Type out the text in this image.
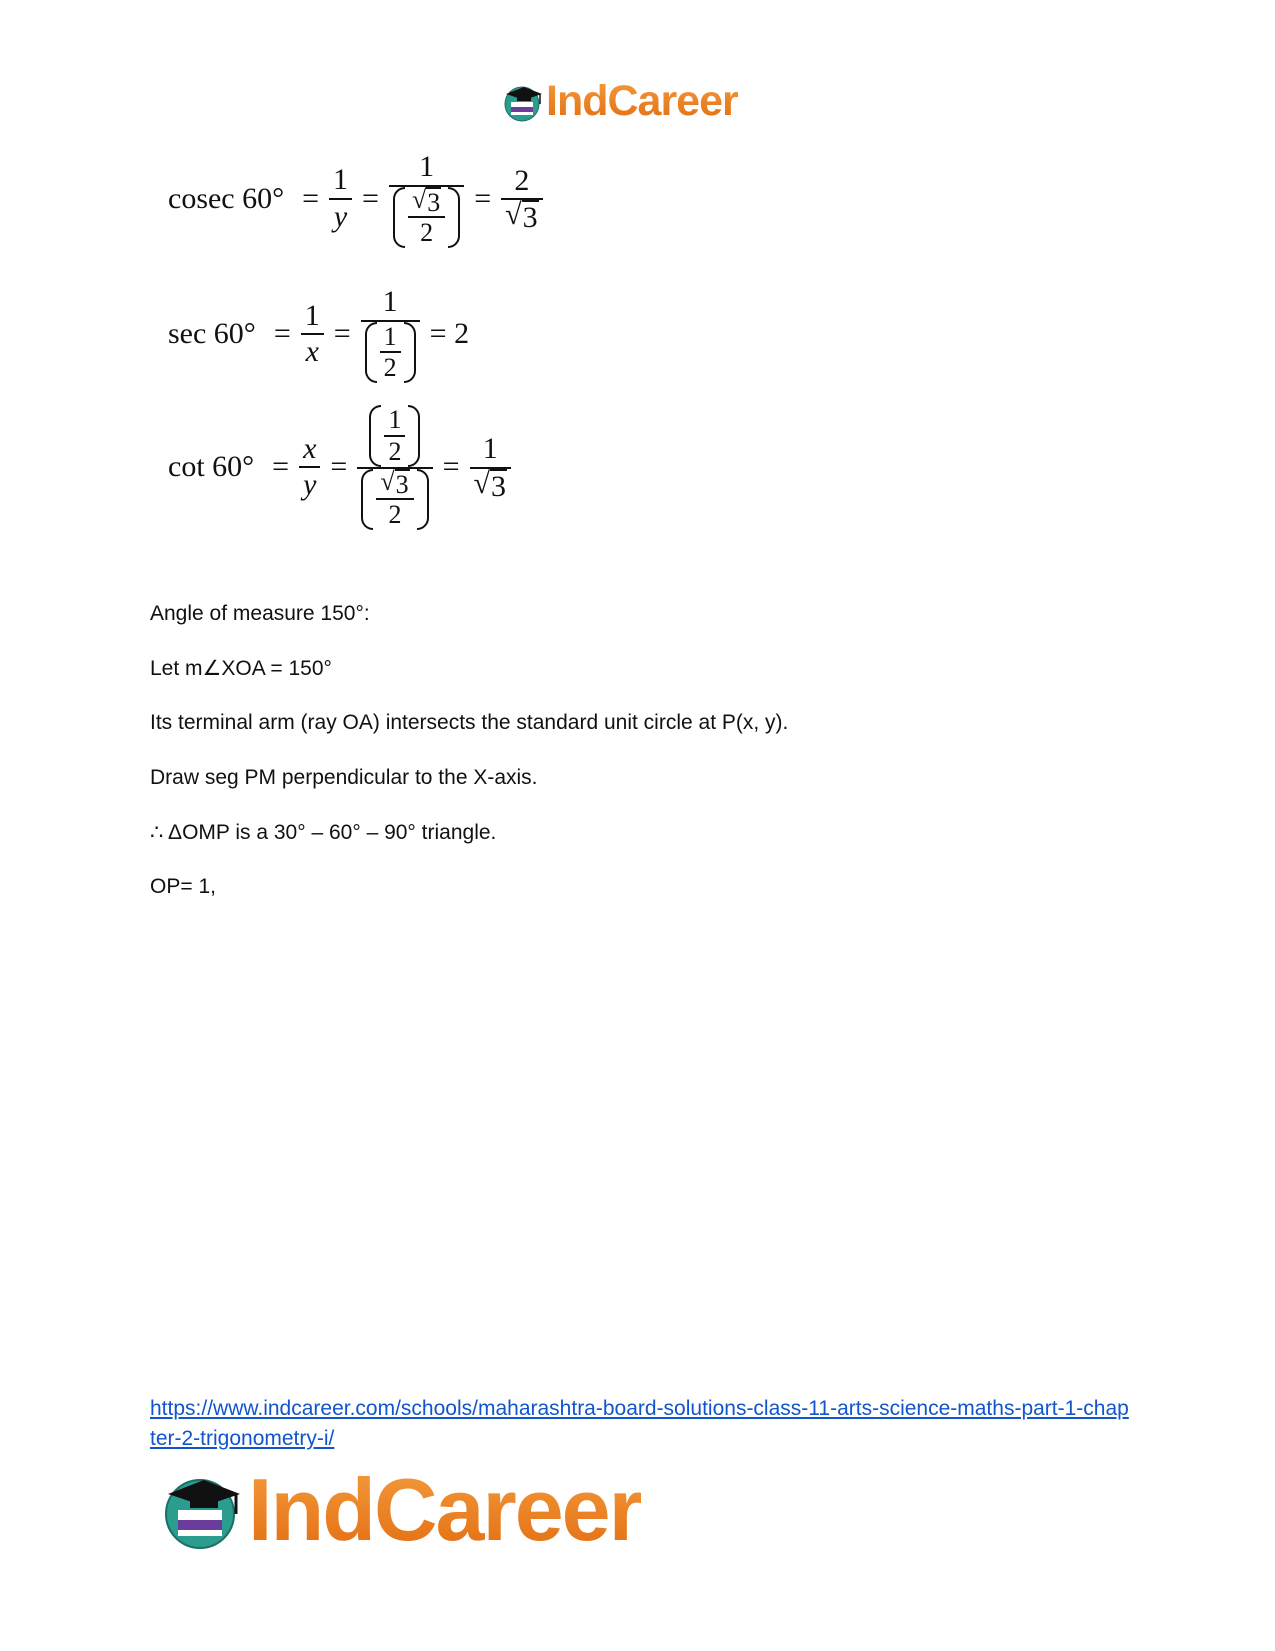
IndCareer
cosec $60^\circ = \frac{1}{y} = \frac{1}{\frac{√ 3}{2}} = \frac{2}{√ 3}$
$\sec 60^\circ = \frac{1}{x} = \frac{1}{\frac{1}{2}} = 2$
$\cot 60^\circ = \frac{x}{y} = \frac{\frac{1}{2}}{\frac{√ 3}{2}} = \frac{1}{√ 3}$
Angle of measure 150°:
Let m∠XOA = 150°
Its terminal arm (ray OA) intersects the standard unit circle at P(x, y).
Draw seg PM perpendicular to the X-axis.
∴ ΔOMP is a 30° – 60° – 90° triangle.
OP= 1,
https://www.indcareer.com/schools/maharashtra-board-solutions-class-11-arts-science-maths-part-1-chapter-2-trigonometry-i/
IndCareer
